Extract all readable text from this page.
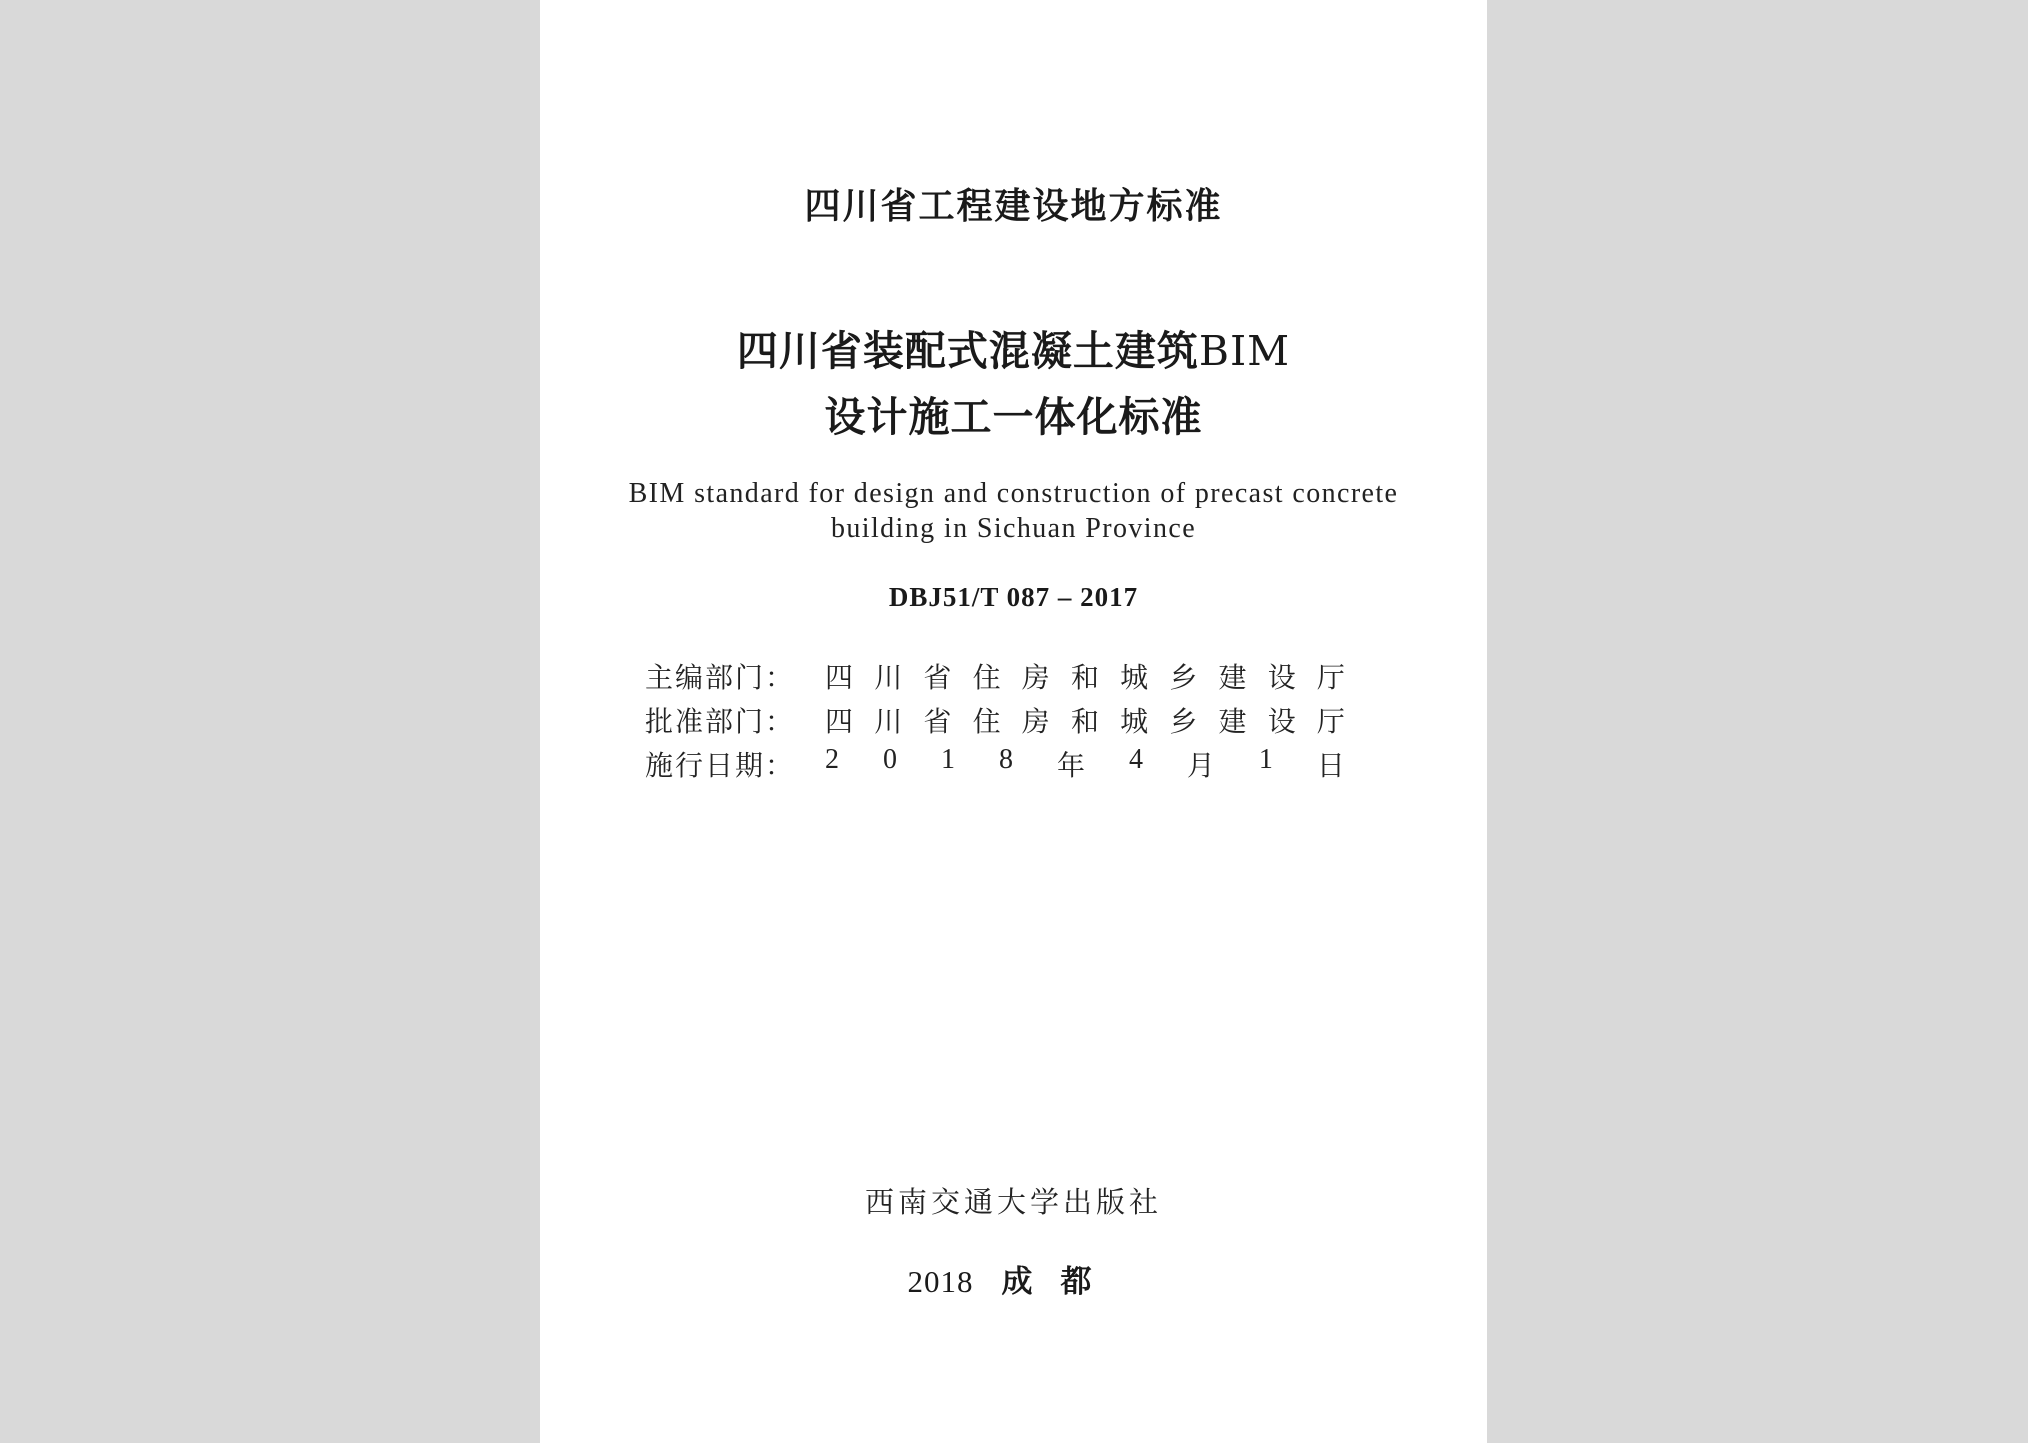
四川省工程建设地方标准
四川省装配式混凝土建筑BIM
设计施工一体化标准
BIM standard for design and construction of precast concrete
building in Sichuan Province
DBJ51/T 087 – 2017
主编部门： 四 川 省 住 房 和 城 乡 建 设 厅
批准部门： 四 川 省 住 房 和 城 乡 建 设 厅
施行日期： 2 0 1 8 年 4 月 1 日
西南交通大学出版社
2018 成都
